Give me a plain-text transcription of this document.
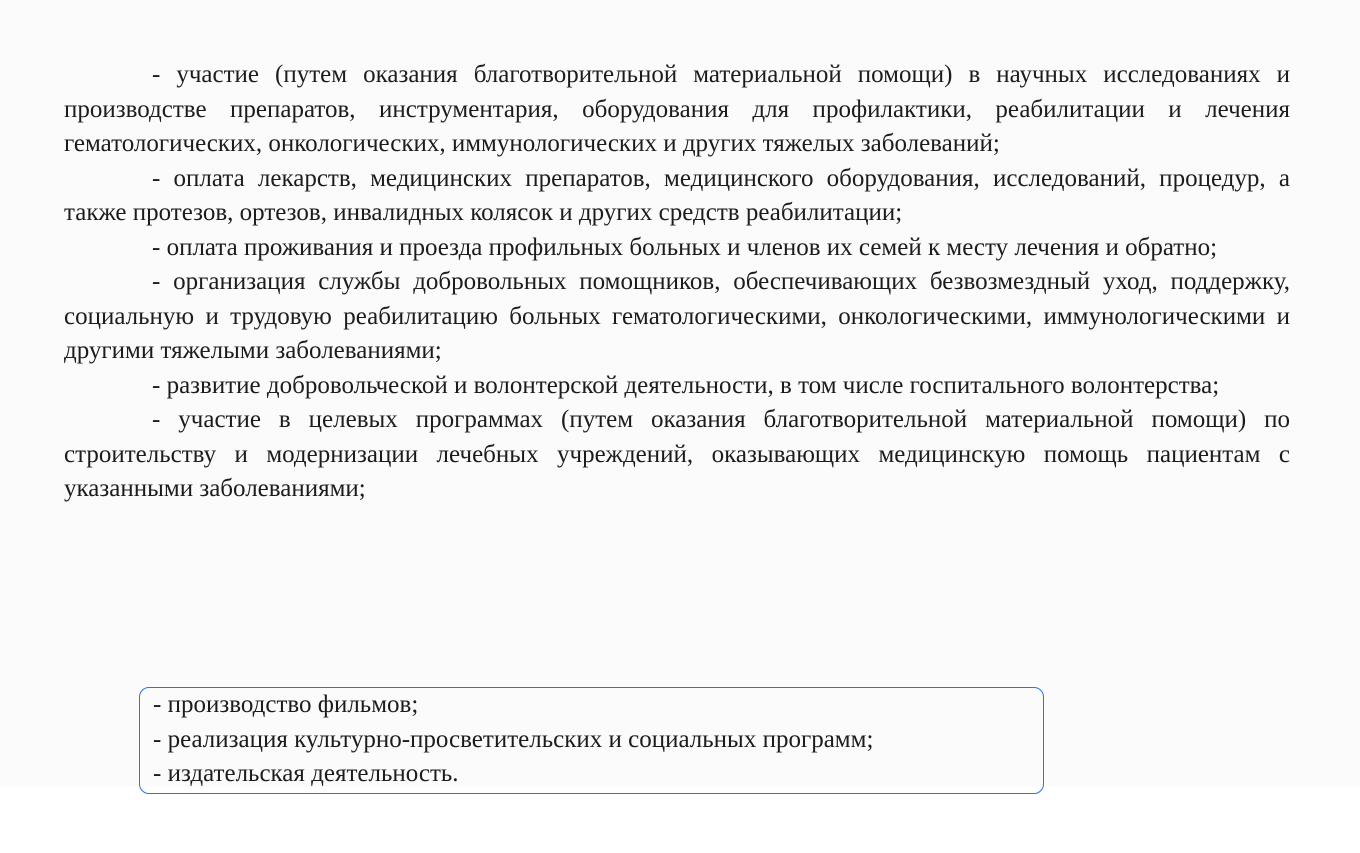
- участие (путем оказания благотворительной материальной помощи) в научных исследованиях и производстве препаратов, инструментария, оборудования для профилактики, реабилитации и лечения гематологических, онкологических, иммунологических и других тяжелых заболеваний;

- оплата лекарств, медицинских препаратов, медицинского оборудования, исследований, процедур, а также протезов, ортезов, инвалидных колясок и других средств реабилитации;

- оплата проживания и проезда профильных больных и членов их семей к месту лечения и обратно;

- организация службы добровольных помощников, обеспечивающих безвозмездный уход, поддержку, социальную и трудовую реабилитацию больных гематологическими, онкологическими, иммунологическими и другими тяжелыми заболеваниями;

- развитие добровольческой и волонтерской деятельности, в том числе госпитального волонтерства;

- участие в целевых программах (путем оказания благотворительной материальной помощи) по строительству и модернизации лечебных учреждений, оказывающих медицинскую помощь пациентам с указанными заболеваниями;

- производство фильмов;

- реализация культурно-просветительских и социальных программ;

- издательская деятельность.
